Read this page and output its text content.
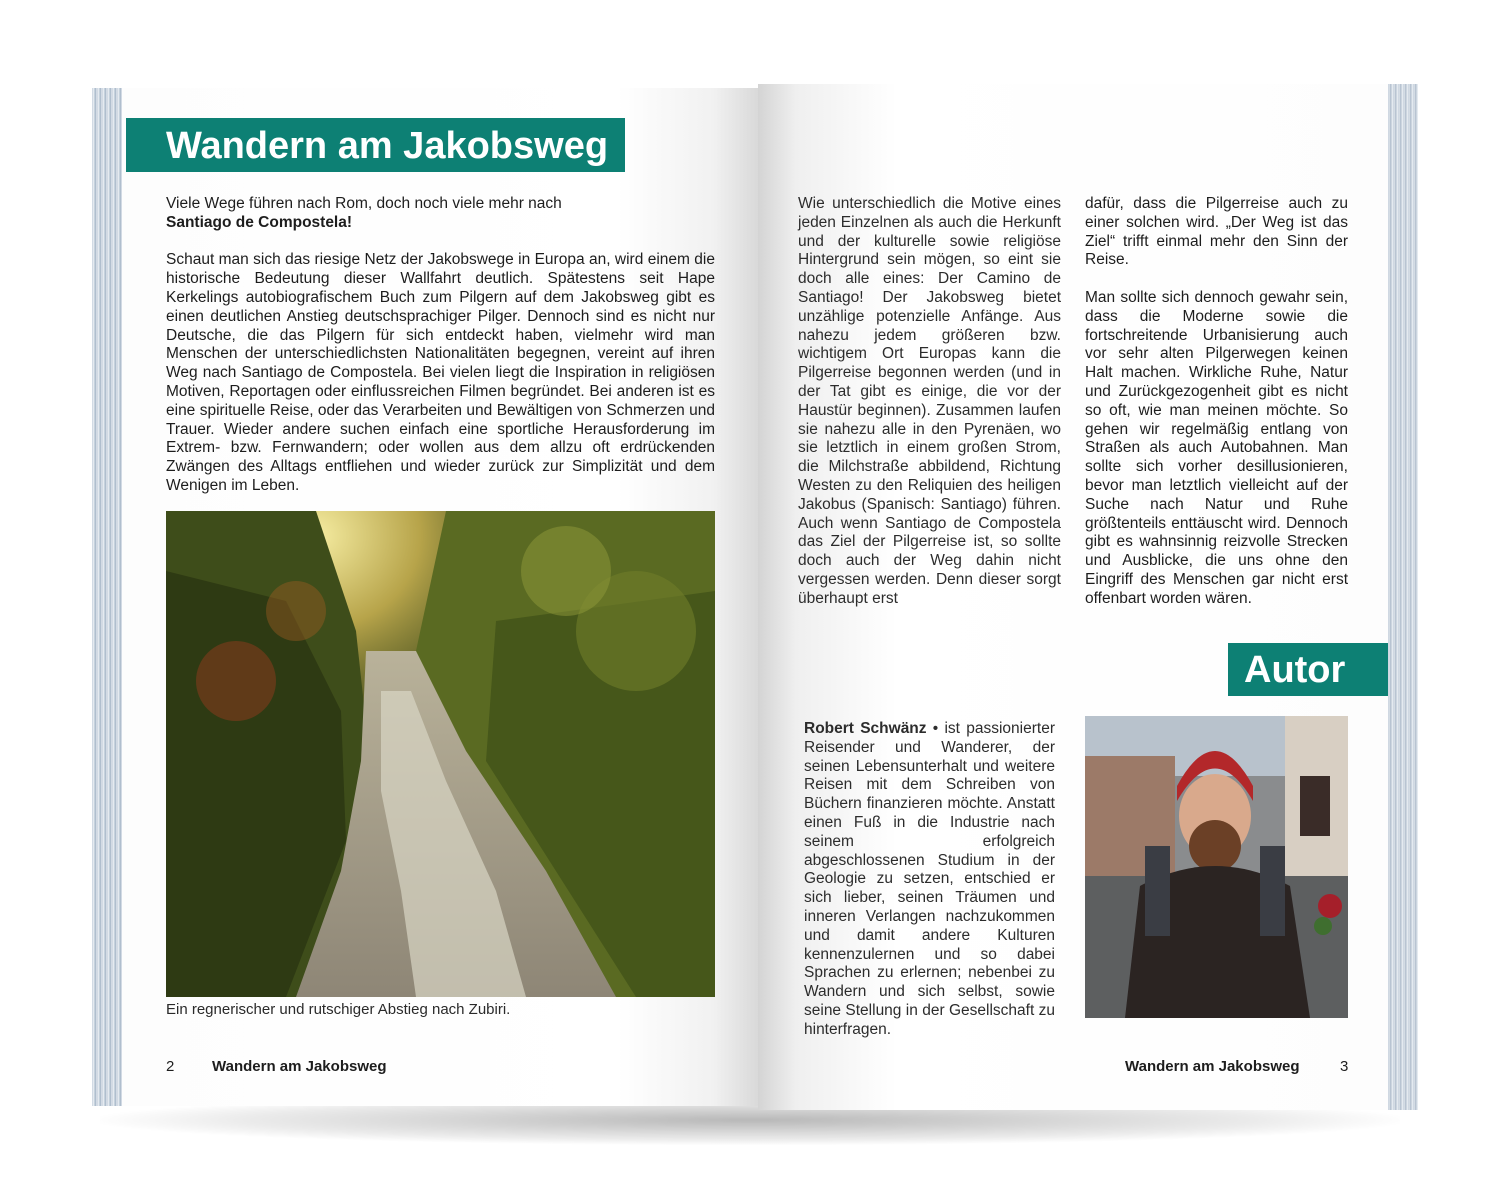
Wandern am Jakobsweg

Viele Wege führen nach Rom, doch noch viele mehr nach
Santiago de Compostela!

Schaut man sich das riesige Netz der Jakobswege in Europa an, wird einem die historische Bedeutung dieser Wallfahrt deutlich. Spätestens seit Hape Kerkelings autobiografischem Buch zum Pilgern auf dem Jakobsweg gibt es einen deutlichen Anstieg deutschsprachiger Pilger. Dennoch sind es nicht nur Deutsche, die das Pilgern für sich entdeckt haben, vielmehr wird man Menschen der unterschiedlichsten Nationalitäten begegnen, vereint auf ihren Weg nach Santiago de Compostela. Bei vielen liegt die Inspiration in religiösen Motiven, Reportagen oder einflussreichen Filmen begründet. Bei anderen ist es eine spirituelle Reise, oder das Verarbeiten und Bewältigen von Schmerzen und Trauer. Wieder andere suchen einfach eine sportliche Herausforderung im Extrem- bzw. Fernwandern; oder wollen aus dem allzu oft erdrückenden Zwängen des Alltags entfliehen und wieder zurück zur Simplizität und dem Wenigen im Leben.

Ein regnerischer und rutschiger Abstieg nach Zubiri.
2	Wandern am Jakobsweg

Wie unterschiedlich die Motive eines jeden Einzelnen als auch die Herkunft und der kulturelle sowie religiöse Hintergrund sein mögen, so eint sie doch alle eines: Der Camino de Santiago! Der Jakobsweg bietet unzählige potenzielle Anfänge. Aus nahezu jedem größeren bzw. wichtigem Ort Europas kann die Pilgerreise begonnen werden (und in der Tat gibt es einige, die vor der Haustür beginnen). Zusammen laufen sie nahezu alle in den Pyrenäen, wo sie letztlich in einem großen Strom, die Milchstraße abbildend, Richtung Westen zu den Reliquien des heiligen Jakobus (Spanisch: Santiago) führen. Auch wenn Santiago de Compostela das Ziel der Pilgerreise ist, so sollte doch auch der Weg dahin nicht vergessen werden. Denn dieser sorgt überhaupt erst

dafür, dass die Pilgerreise auch zu einer solchen wird. „Der Weg ist das Ziel“ trifft einmal mehr den Sinn der Reise.

Man sollte sich dennoch gewahr sein, dass die Moderne sowie die fortschreitende Urbanisierung auch vor sehr alten Pilgerwegen keinen Halt machen. Wirkliche Ruhe, Natur und Zurückgezogenheit gibt es nicht so oft, wie man meinen möchte. So gehen wir regelmäßig entlang von Straßen als auch Autobahnen. Man sollte sich vorher desillusionieren, bevor man letztlich vielleicht auf der Suche nach Natur und Ruhe größtenteils enttäuscht wird. Dennoch gibt es wahnsinnig reizvolle Strecken und Ausblicke, die uns ohne den Eingriff des Menschen gar nicht erst offenbart worden wären.

Autor

Robert Schwänz • ist passionierter Reisender und Wanderer, der seinen Lebensunterhalt und weitere Reisen mit dem Schreiben von Büchern finanzieren möchte. Anstatt einen Fuß in die Industrie nach seinem erfolgreich abgeschlossenen Studium in der Geologie zu setzen, entschied er sich lieber, seinen Träumen und inneren Verlangen nachzukommen und damit andere Kulturen kennenzulernen und so dabei Sprachen zu erlernen; nebenbei zu Wandern und sich selbst, sowie seine Stellung in der Gesellschaft zu hinterfragen.

Wandern am Jakobsweg	3
